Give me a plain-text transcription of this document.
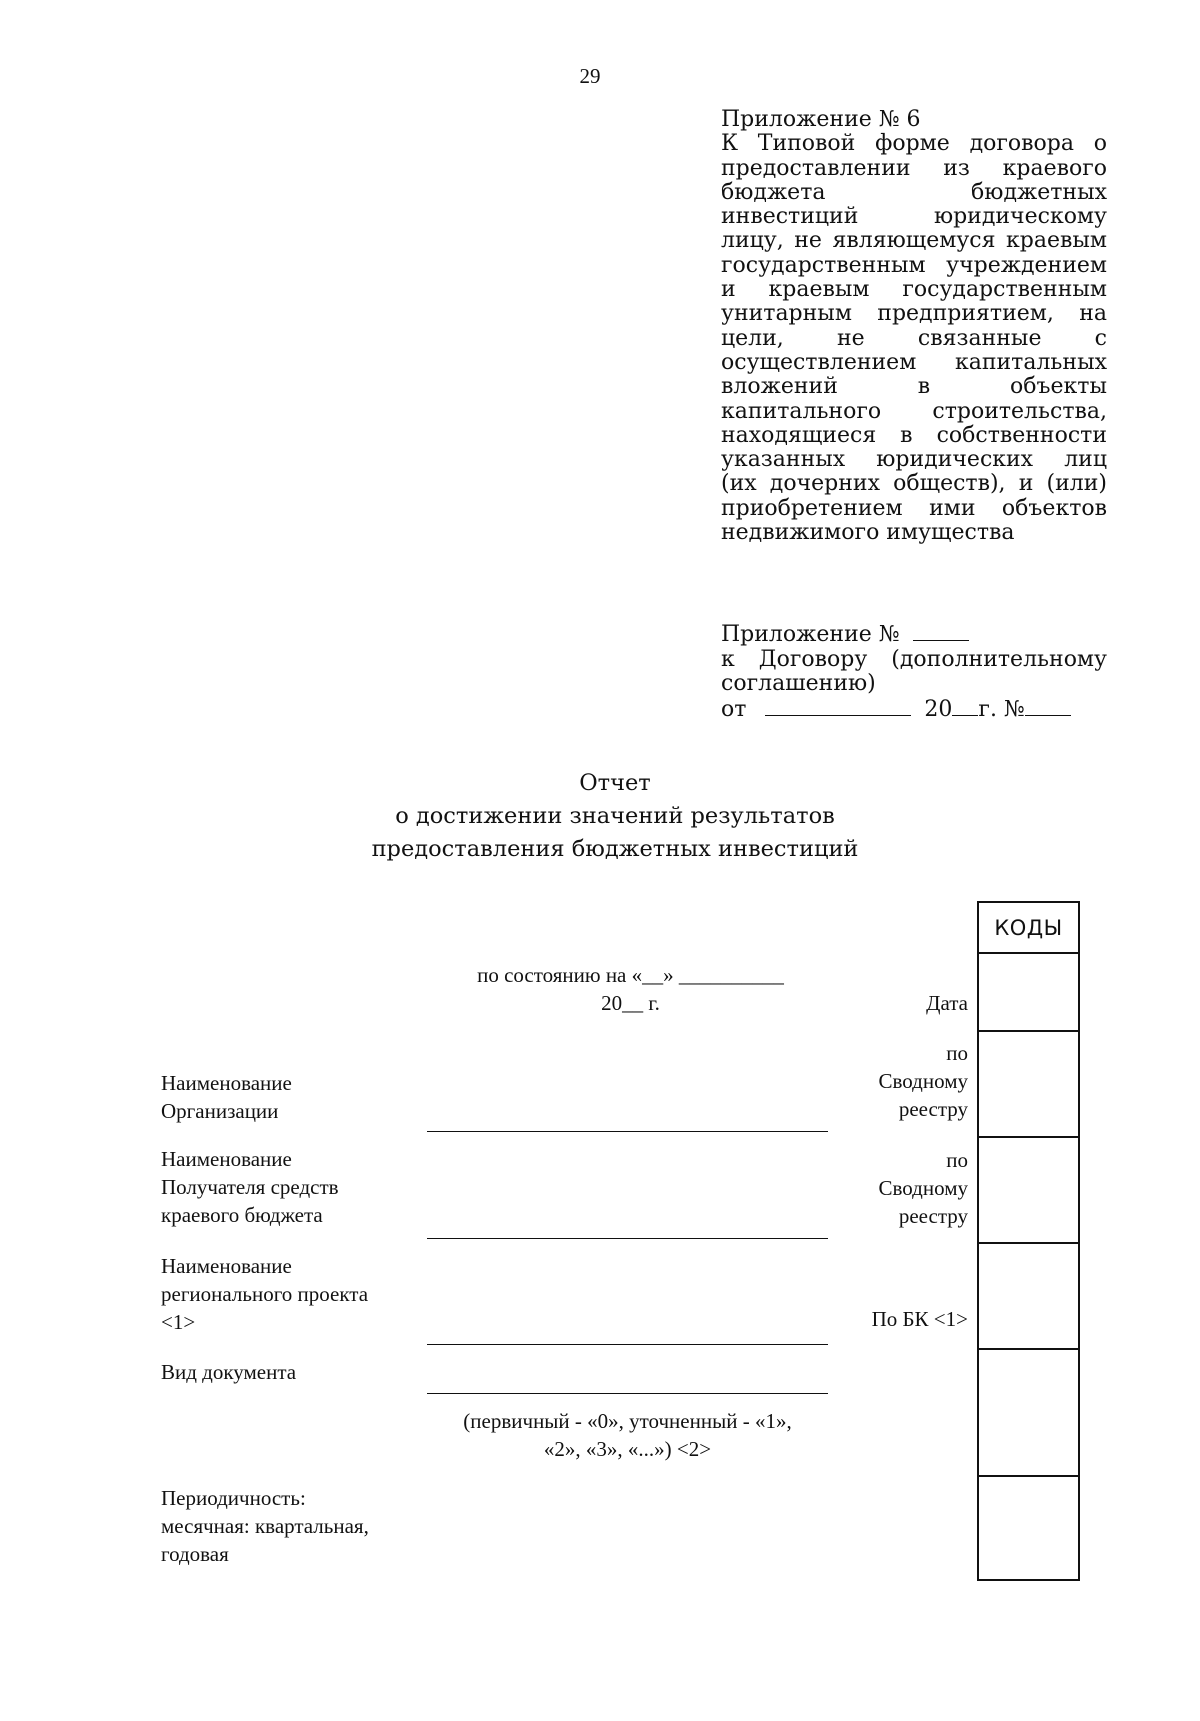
29
Приложение № 6
К Типовой форме договора о
предоставлении из краевого
бюджета бюджетных
инвестиций юридическому
лицу, не являющемуся краевым
государственным учреждением
и краевым государственным
унитарным предприятием, на
цели, не связанные с
осуществлением капитальных
вложений в объекты
капитального строительства,
находящиеся в собственности
указанных юридических лиц
(их дочерних обществ), и (или)
приобретением ими объектов
недвижимого имущества
Приложение №
к Договору (дополнительному
соглашению)
от	20 г. №
Отчет
о достижении значений результатов
предоставления бюджетных инвестиций
КОДЫ
по состоянию на «__» __________
20__ г.	Дата
по
Сводному
реестру
по
Сводному
реестру
По БК <1>
Наименование
Организации
Наименование
Получателя средств
краевого бюджета
Наименование
регионального проекта
<1>
Вид документа
(первичный - «0», уточненный - «1»,
«2», «3», «...») <2>
Периодичность:
месячная: квартальная,
годовая
